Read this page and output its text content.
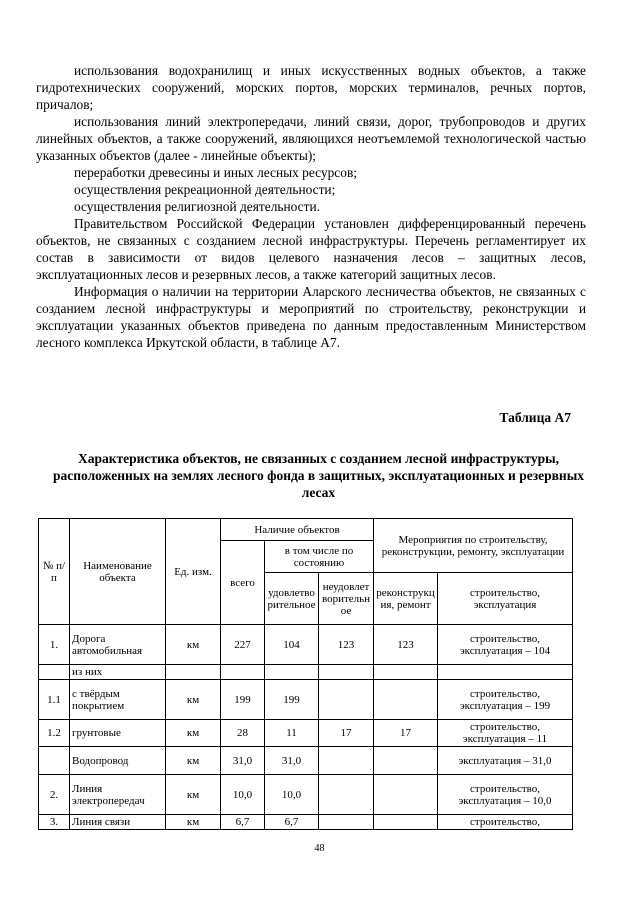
использования водохранилищ и иных искусственных водных объектов, а также гидротехнических сооружений, морских портов, морских терминалов, речных портов, причалов;

использования линий электропередачи, линий связи, дорог, трубопроводов и других линейных объектов, а также сооружений, являющихся неотъемлемой технологической частью указанных объектов (далее - линейные объекты);

переработки древесины и иных лесных ресурсов;

осуществления рекреационной деятельности;

осуществления религиозной деятельности.

Правительством Российской Федерации установлен дифференцированный перечень объектов, не связанных с созданием лесной инфраструктуры. Перечень регламентирует их состав в зависимости от видов целевого назначения лесов – защитных лесов, эксплуатационных лесов и резервных лесов, а также категорий защитных лесов.

Информация о наличии на территории Аларского лесничества объектов, не связанных с созданием лесной инфраструктуры и мероприятий по строительству, реконструкции и эксплуатации указанных объектов приведена по данным предоставленным Министерством лесного комплекса Иркутской области, в таблице А7.

Таблица А7
Характеристика объектов, не связанных с созданием лесной инфраструктуры, расположенных на землях лесного фонда в защитных, эксплуатационных и резервных лесах
№ п/п	Наименование объекта	Ед. изм.	Наличие объектов			Мероприятия по строительству, реконструкции, ремонту, эксплуатации	
			всего	в том числе по состоянию			
				удовлетворительное	неудовлетворительное	реконструкция, ремонт	строительство, эксплуатация
1.	Дорога автомобильная	км	227	104	123	123	строительство, эксплуатация – 104
	из них						
1.1	с твёрдым покрытием	км	199	199			строительство, эксплуатация – 199
1.2	грунтовые	км	28	11	17	17	строительство, эксплуатация – 11
	Водопровод	км	31,0	31,0			эксплуатация – 31,0
2.	Линия электропередач	км	10,0	10,0			строительство, эксплуатация – 10,0
3.	Линия связи	км	6,7	6,7			строительство,
48
